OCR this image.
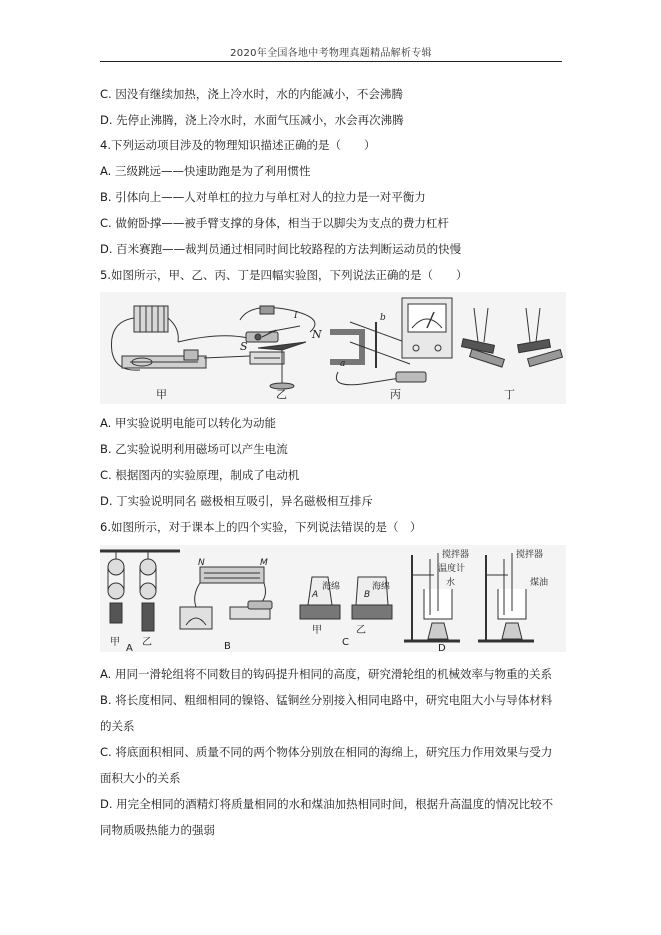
2020年全国各地中考物理真题精品解析专辑
C. 因没有继续加热，浇上冷水时，水的内能减小，不会沸腾
D. 先停止沸腾，浇上冷水时，水面气压减小，水会再次沸腾
4.下列运动项目涉及的物理知识描述正确的是（　　）
A. 三级跳远——快速助跑是为了利用惯性
B. 引体向上——人对单杠的拉力与单杠对人的拉力是一对平衡力
C. 做俯卧撑——被手臂支撑的身体，相当于以脚尖为支点的费力杠杆
D. 百米赛跑——裁判员通过相同时间比较路程的方法判断运动员的快慢
5.如图所示，甲、乙、丙、丁是四幅实验图，下列说法正确的是（　　）
甲	乙	丙	丁
S
N
I
a
b
A. 甲实验说明电能可以转化为动能
B. 乙实验说明利用磁场可以产生电流
C. 根据图丙的实验原理，制成了电动机
D. 丁实验说明同名 磁极相互吸引，异名磁极相互排斥
6.如图所示，对于课本上的四个实验，下列说法错误的是（　）
甲 乙
A
N	M
B
A	B
海绵	海绵
甲	乙
C
搅拌器
温度计
水
搅拌器
煤油
D
A. 用同一滑轮组将不同数目的钩码提升相同的高度，研究滑轮组的机械效率与物重的关系
B. 将长度相同、粗细相同的镍铬、锰铜丝分别接入相同电路中，研究电阻大小与导体材料
的关系
C. 将底面积相同、质量不同的两个物体分别放在相同的海绵上，研究压力作用效果与受力
面积大小的关系
D. 用完全相同的酒精灯将质量相同的水和煤油加热相同时间，根据升高温度的情况比较不
同物质吸热能力的强弱
